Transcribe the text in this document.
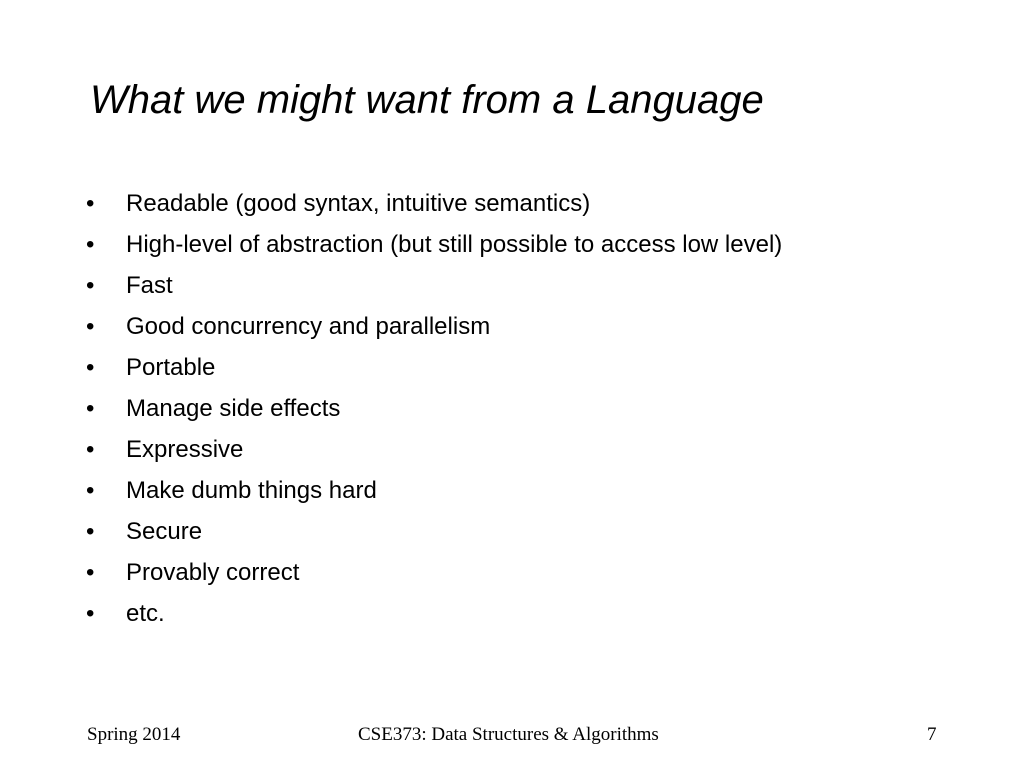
What we might want from a Language
• Readable (good syntax, intuitive semantics)
• High-level of abstraction (but still possible to access low level)
• Fast
• Good concurrency and parallelism
• Portable
• Manage side effects
• Expressive
• Make dumb things hard
• Secure
• Provably correct
• etc.
Spring 2014	CSE373: Data Structures & Algorithms	7
